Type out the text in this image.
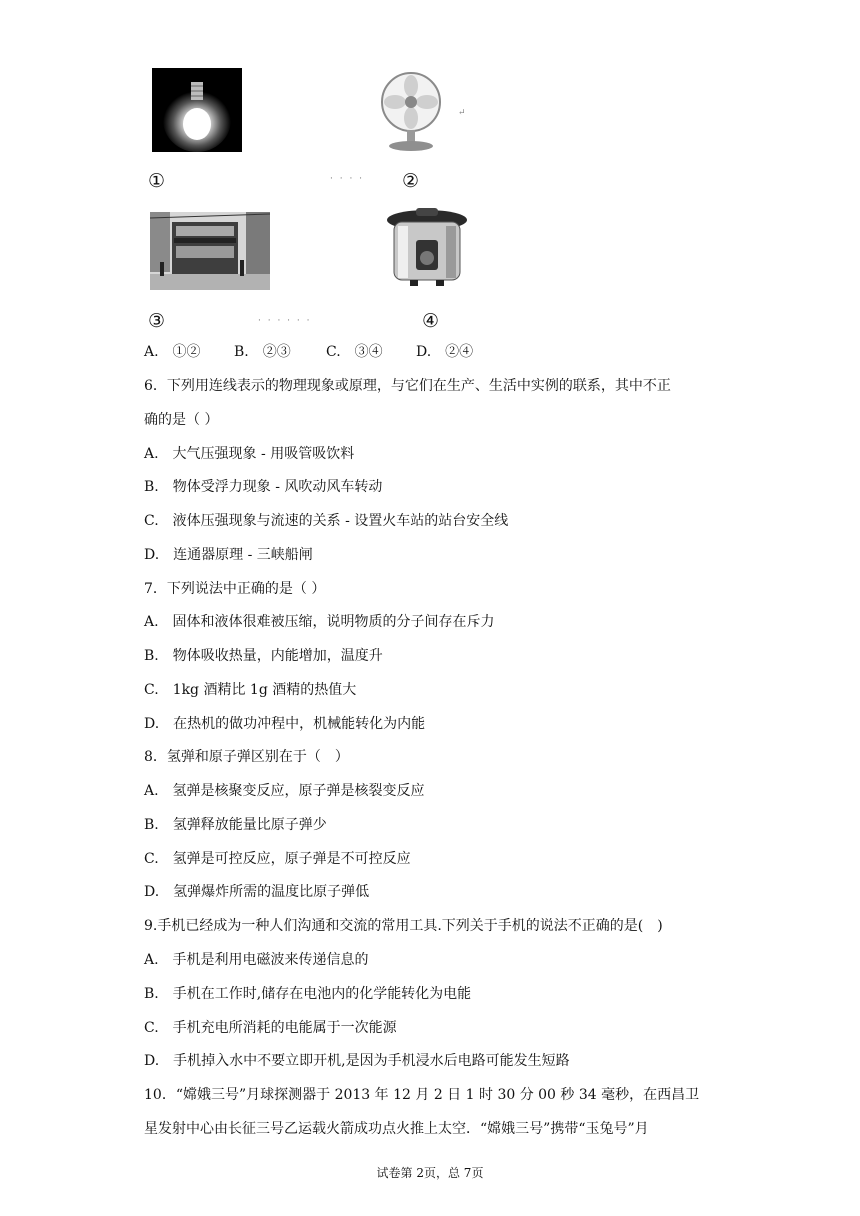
↵
①	· · · · ②
③	· · · · · ·	④
A.　①② B.　②③	C.　③④ D.　②④
6．下列用连线表示的物理现象或原理，与它们在生产、生活中实例的联系，其中不正
确的是（ ）
A.　大气压强现象 - 用吸管吸饮料
B.　物体受浮力现象 - 风吹动风车转动
C.　液体压强现象与流速的关系 - 设置火车站的站台安全线
D.　连通器原理 - 三峡船闸
7．下列说法中正确的是（ ）
A.　固体和液体很难被压缩，说明物质的分子间存在斥力
B.　物体吸收热量，内能增加，温度升
C.　1kg 酒精比 1g 酒精的热值大
D.　在热机的做功冲程中，机械能转化为内能
8．氢弹和原子弹区别在于（　）
A.　氢弹是核聚变反应，原子弹是核裂变反应
B.　氢弹释放能量比原子弹少
C.　氢弹是可控反应，原子弹是不可控反应
D.　氢弹爆炸所需的温度比原子弹低
9.手机已经成为一种人们沟通和交流的常用工具.下列关于手机的说法不正确的是(　)
A.　手机是利用电磁波来传递信息的
B.　手机在工作时,储存在电池内的化学能转化为电能
C.　手机充电所消耗的电能属于一次能源
D.　手机掉入水中不要立即开机,是因为手机浸水后电路可能发生短路
10．“嫦娥三号”月球探测器于 2013 年 12 月 2 日 1 时 30 分 00 秒 34 毫秒，在西昌卫
星发射中心由长征三号乙运载火箭成功点火推上太空．“嫦娥三号”携带“玉兔号”月
试卷第 2页，总 7页
